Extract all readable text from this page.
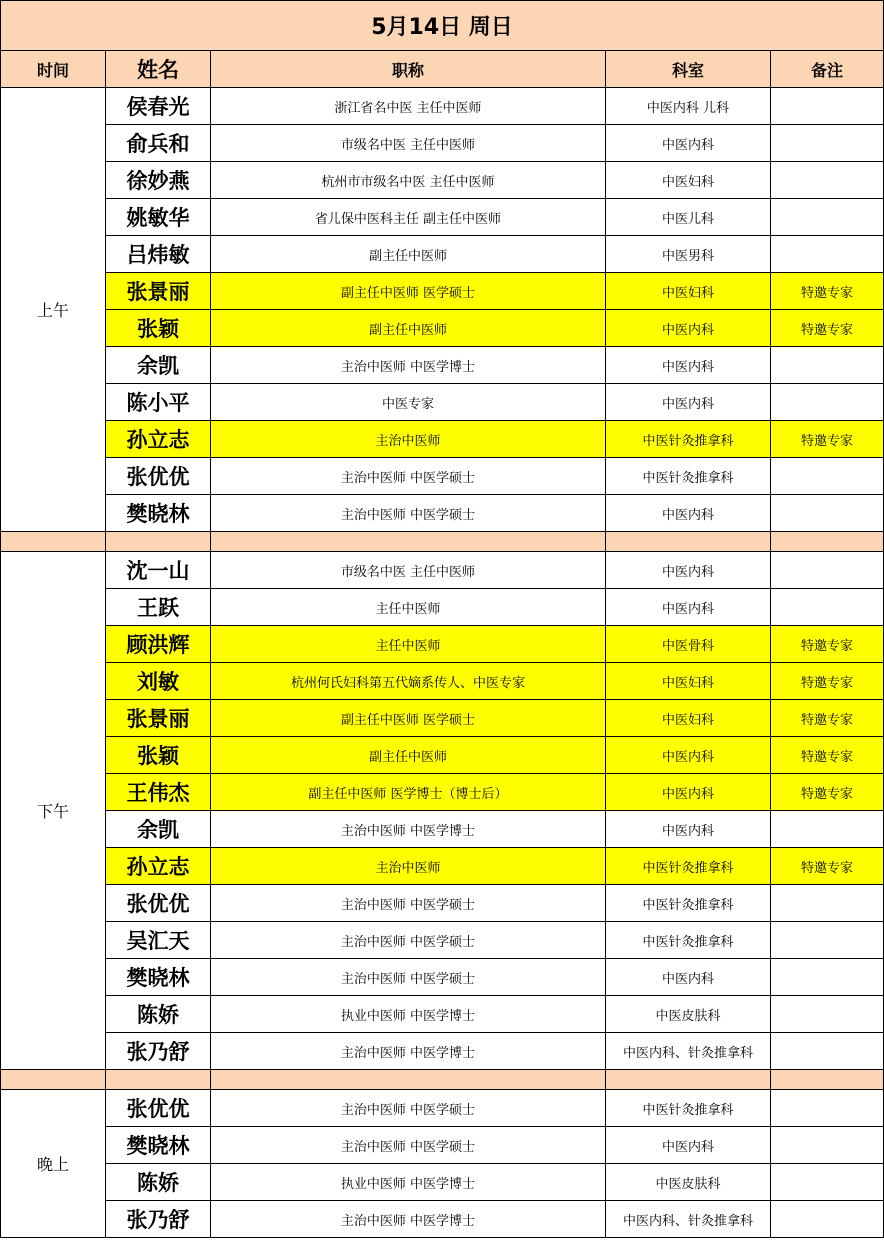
5月14日 周日				
时间	姓名	职称	科室	备注
上午	侯春光	浙江省名中医 主任中医师	中医内科 儿科	
	俞兵和	市级名中医 主任中医师	中医内科	
	徐妙燕	杭州市市级名中医 主任中医师	中医妇科	
	姚敏华	省儿保中医科主任 副主任中医师	中医儿科	
	吕炜敏	副主任中医师	中医男科	
	张景丽	副主任中医师 医学硕士	中医妇科	特邀专家
	张颖	副主任中医师	中医内科	特邀专家
	余凯	主治中医师 中医学博士	中医内科	
	陈小平	中医专家	中医内科	
	孙立志	主治中医师	中医针灸推拿科	特邀专家
	张优优	主治中医师 中医学硕士	中医针灸推拿科	
	樊晓林	主治中医师 中医学硕士	中医内科	

下午	沈一山	市级名中医 主任中医师	中医内科	
	王跃	主任中医师	中医内科	
	顾洪辉	主任中医师	中医骨科	特邀专家
	刘敏	杭州何氏妇科第五代嫡系传人、中医专家	中医妇科	特邀专家
	张景丽	副主任中医师 医学硕士	中医妇科	特邀专家
	张颖	副主任中医师	中医内科	特邀专家
	王伟杰	副主任中医师 医学博士（博士后）	中医内科	特邀专家
	余凯	主治中医师 中医学博士	中医内科	
	孙立志	主治中医师	中医针灸推拿科	特邀专家
	张优优	主治中医师 中医学硕士	中医针灸推拿科	
	吴汇天	主治中医师 中医学硕士	中医针灸推拿科	
	樊晓林	主治中医师 中医学硕士	中医内科	
	陈娇	执业中医师 中医学博士	中医皮肤科	
	张乃舒	主治中医师 中医学博士	中医内科、针灸推拿科	

晚上	张优优	主治中医师 中医学硕士	中医针灸推拿科	
	樊晓林	主治中医师 中医学硕士	中医内科	
	陈娇	执业中医师 中医学博士	中医皮肤科	
	张乃舒	主治中医师 中医学博士	中医内科、针灸推拿科	
